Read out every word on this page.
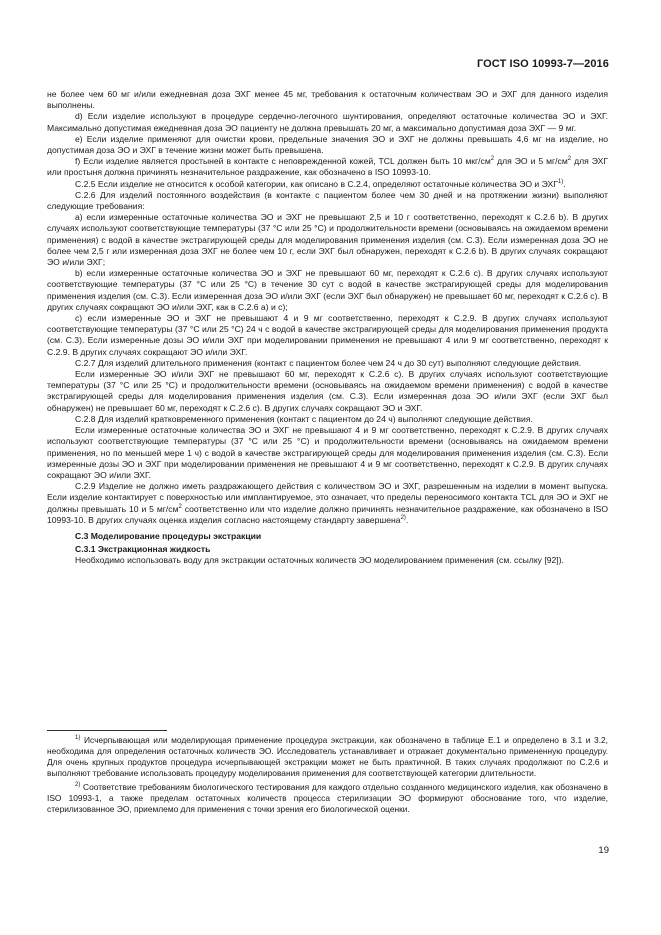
ГОСТ ISO 10993-7—2016

не более чем 60 мг и/или ежедневная доза ЭХГ менее 45 мг, требования к остаточным количествам ЭО и ЭХГ для данного изделия выполнены.

d) Если изделие используют в процедуре сердечно-легочного шунтирования, определяют остаточные количества ЭО и ЭХГ. Максимально допустимая ежедневная доза ЭО пациенту не должна превышать 20 мг, а максимально допустимая доза ЭХГ — 9 мг.

e) Если изделие применяют для очистки крови, предельные значения ЭО и ЭХГ не должны превышать 4,6 мг на изделие, но допустимая доза ЭО и ЭХГ в течение жизни может быть превышена.

f) Если изделие является простыней в контакте с неповрежденной кожей, TCL должен быть 10 мкг/$см^2$ для ЭО и 5 $мг/см^2$ для ЭХГ или простыня должна причинять незначительное раздражение, как обозначено в ISO 10993-10.

C.2.5 Если изделие не относится к особой категории, как описано в С.2.4, определяют остаточные количества ЭО и ЭХГ$^{1)}$.

C.2.6 Для изделий постоянного воздействия (в контакте с пациентом более чем 30 дней и на протяжении жизни) выполняют следующие требования:

a) если измеренные остаточные количества ЭО и ЭХГ не превышают 2,5 и 10 г соответственно, переходят к С.2.6 b). В других случаях используют соответствующие температуры (37 °С или 25 °С) и продолжительности времени (основываясь на ожидаемом времени применения) с водой в качестве экстрагирующей среды для моделирования применения изделия (см. С.3). Если измеренная доза ЭО не более чем 2,5 г или измеренная доза ЭХГ не более чем 10 г, если ЭХГ был обнаружен, переходят к С.2.6 b). В других случаях сокращают ЭО и/или ЭХГ;

b) если измеренные остаточные количества ЭО и ЭХГ не превышают 60 мг, переходят к С.2.6 с). В других случаях используют соответствующие температуры (37 °С или 25 °С) в течение 30 сут с водой в качестве экстрагирующей среды для моделирования применения изделия (см. С.3). Если измеренная доза ЭО и/или ЭХГ (если ЭХГ был обнаружен) не превышает 60 мг, переходят к С.2.6 с). В других случаях сокращают ЭО и/или ЭХГ, как в С.2.6 а) и с);

c) если измеренные ЭО и ЭХГ не превышают 4 и 9 мг соответственно, переходят к С.2.9. В других случаях используют соответствующие температуры (37 °С или 25 °С) 24 ч с водой в качестве экстрагирующей среды для моделирования применения продукта (см. С.3). Если измеренные дозы ЭО и/или ЭХГ при моделировании применения не превышают 4 или 9 мг соответственно, переходят к С.2.9. В других случаях сокращают ЭО и/или ЭХГ.

C.2.7 Для изделий длительного применения (контакт с пациентом более чем 24 ч до 30 сут) выполняют следующие действия.

Если измеренные ЭО и/или ЭХГ не превышают 60 мг, переходят к С.2.6 с). В других случаях используют соответствующие температуры (37 °С или 25 °С) и продолжительности времени (основываясь на ожидаемом времени применения) с водой в качестве экстрагирующей среды для моделирования применения изделия (см. С.3). Если измеренная доза ЭО и/или ЭХГ (если ЭХГ был обнаружен) не превышает 60 мг, переходят к С.2.6 с). В других случаях сокращают ЭО и ЭХГ.

C.2.8 Для изделий кратковременного применения (контакт с пациентом до 24 ч) выполняют следующие действия.

Если измеренные остаточные количества ЭО и ЭХГ не превышают 4 и 9 мг соответственно, переходят к С.2.9. В других случаях используют соответствующие температуры (37 °С или 25 °С) и продолжительности времени (основываясь на ожидаемом времени применения, но по меньшей мере 1 ч) с водой в качестве экстрагирующей среды для моделирования применения изделия (см. С.3). Если измеренные дозы ЭО и ЭХГ при моделировании применения не превышают 4 и 9 мг соответственно, переходят к С.2.9. В других случаях сокращают ЭО и/или ЭХГ.

C.2.9 Изделие не должно иметь раздражающего действия с количеством ЭО и ЭХГ, разрешенным на изделии в момент выпуска. Если изделие контактирует с поверхностью или имплантируемое, это означает, что пределы переносимого контакта TCL для ЭО и ЭХГ не должны превышать 10 и 5 $мг/см^2$ соответственно или что изделие должно причинять незначительное раздражение, как обозначено в ISO 10993-10. В других случаях оценка изделия согласно настоящему стандарту завершена$^{2)}$.

C.3 Моделирование процедуры экстракции

C.3.1 Экстракционная жидкость

Необходимо использовать воду для экстракции остаточных количеств ЭО моделированием применения (см. ссылку [92]).

$^{1)}$ Исчерпывающая или моделирующая применение процедура экстракции, как обозначено в таблице Е.1 и определено в 3.1 и 3.2, необходима для определения остаточных количеств ЭО. Исследователь устанавливает и отражает документально примененную процедуру. Для очень крупных продуктов процедура исчерпывающей экстракции может не быть практичной. В таких случаях продолжают по С.2.6 и выполняют требование использовать процедуру моделирования применения для соответствующей категории длительности.

$^{2)}$ Соответствие требованиям биологического тестирования для каждого отдельно созданного медицинского изделия, как обозначено в ISO 10993-1, а также пределам остаточных количеств процесса стерилизации ЭО формируют обоснование того, что изделие, стерилизованное ЭО, приемлемо для применения с точки зрения его биологической оценки.

19
